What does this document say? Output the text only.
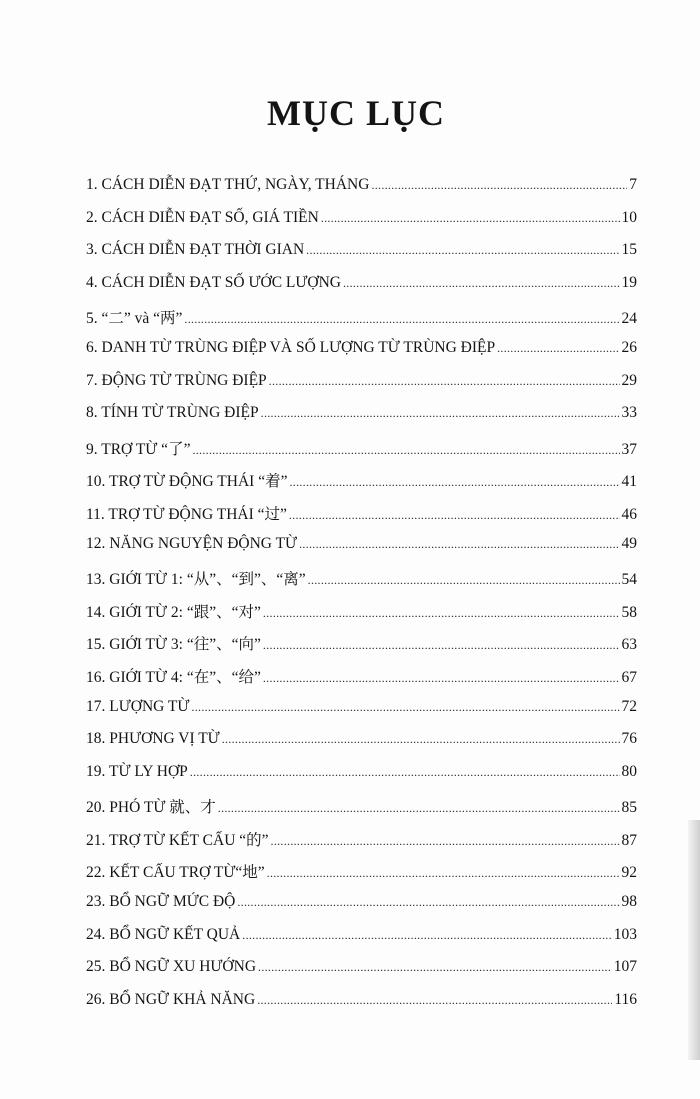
MỤC LỤC
1. CÁCH DIỄN ĐẠT THỨ, NGÀY, THÁNG .....	7
2. CÁCH DIỄN ĐẠT SỐ, GIÁ TIỀN .....	10
3. CÁCH DIỄN ĐẠT THỜI GIAN .....	15
4. CÁCH DIỄN ĐẠT SỐ ƯỚC LƯỢNG .....	19
5. “二” và “两” .....	24
6. DANH TỪ TRÙNG ĐIỆP VÀ SỐ LƯỢNG TỪ TRÙNG ĐIỆP .....	26
7. ĐỘNG TỪ TRÙNG ĐIỆP .....	29
8. TÍNH TỪ TRÙNG ĐIỆP .....	33
9. TRỢ TỪ “了” .....	37
10. TRỢ TỪ ĐỘNG THÁI “着” .....	41
11. TRỢ TỪ ĐỘNG THÁI “过” .....	46
12. NĂNG NGUYỆN ĐỘNG TỪ .....	49
13. GIỚI TỪ 1: “从”、“到”、“离” .....	54
14. GIỚI TỪ 2: “跟”、“对” .....	58
15. GIỚI TỪ 3: “往”、“向” .....	63
16. GIỚI TỪ 4: “在”、“给” .....	67
17. LƯỢNG TỪ .....	72
18. PHƯƠNG VỊ TỪ .....	76
19. TỪ LY HỢP .....	80
20. PHÓ TỪ 就、才 .....	85
21. TRỢ TỪ KẾT CẤU “的” .....	87
22. KẾT CẤU TRỢ TỪ“地” .....	92
23. BỔ NGỮ MỨC ĐỘ .....	98
24. BỔ NGỮ KẾT QUẢ .....	103
25. BỔ NGỮ XU HƯỚNG .....	107
26. BỔ NGỮ KHẢ NĂNG .....	116
